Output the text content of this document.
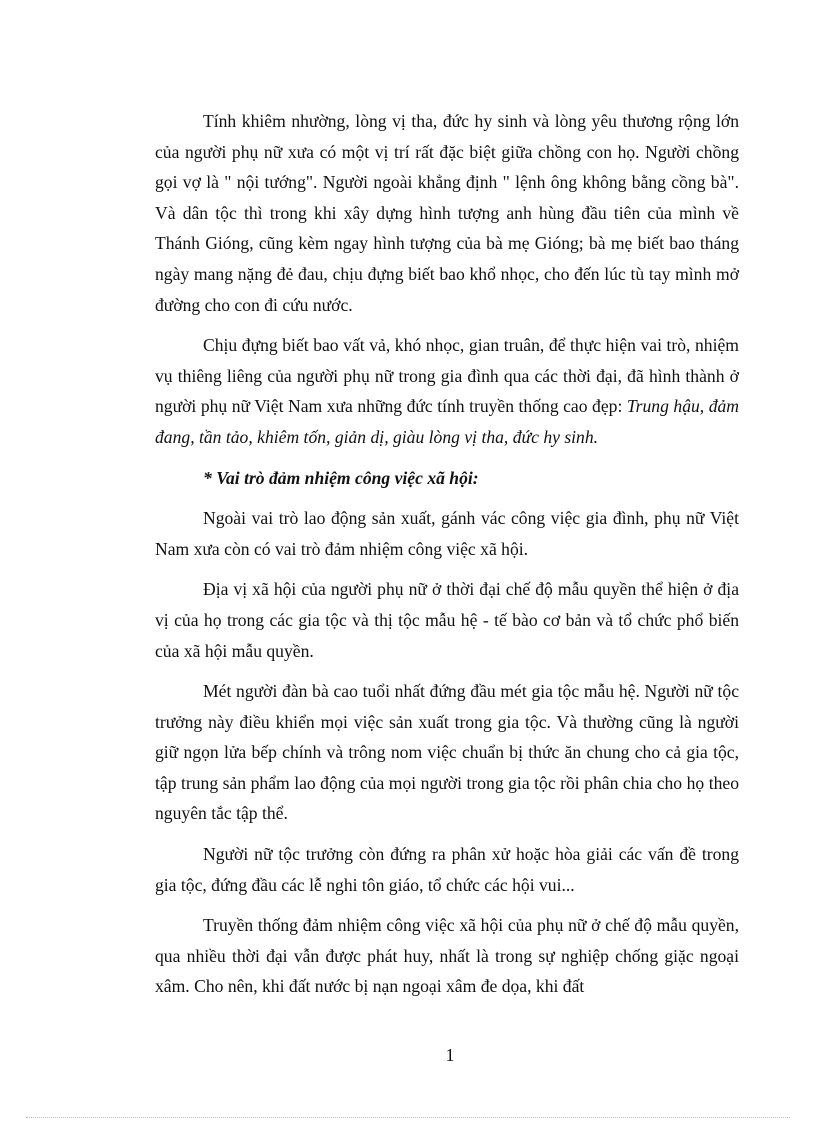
Tính khiêm nhường, lòng vị tha, đức hy sinh và lòng yêu thương rộng lớn của người phụ nữ xưa có một vị trí rất đặc biệt giữa chồng con họ. Người chồng gọi vợ là " nội tướng". Người ngoài khẳng định " lệnh ông không bằng cồng bà". Và dân tộc thì trong khi xây dựng hình tượng anh hùng đầu tiên của mình về Thánh Gióng, cũng kèm ngay hình tượng của bà mẹ Gióng; bà mẹ biết bao tháng ngày mang nặng đẻ đau, chịu đựng biết bao khổ nhọc, cho đến lúc tù tay mình mở đường cho con đi cứu nước.

Chịu đựng biết bao vất vả, khó nhọc, gian truân, để thực hiện vai trò, nhiệm vụ thiêng liêng của người phụ nữ trong gia đình qua các thời đại, đã hình thành ở người phụ nữ Việt Nam xưa những đức tính truyền thống cao đẹp: Trung hậu, đảm đang, tần tảo, khiêm tốn, giản dị, giàu lòng vị tha, đức hy sinh.

* Vai trò đảm nhiệm công việc xã hội:

Ngoài vai trò lao động sản xuất, gánh vác công việc gia đình, phụ nữ Việt Nam xưa còn có vai trò đảm nhiệm công việc xã hội.

Địa vị xã hội của người phụ nữ ở thời đại chế độ mẫu quyền thể hiện ở địa vị của họ trong các gia tộc và thị tộc mẫu hệ - tế bào cơ bản và tổ chức phổ biến của xã hội mẫu quyền.

Mét người đàn bà cao tuổi nhất đứng đầu mét gia tộc mẫu hệ. Người nữ tộc trưởng này điều khiển mọi việc sản xuất trong gia tộc. Và thường cũng là người giữ ngọn lửa bếp chính và trông nom việc chuẩn bị thức ăn chung cho cả gia tộc, tập trung sản phẩm lao động của mọi người trong gia tộc rồi phân chia cho họ theo nguyên tắc tập thể.

Người nữ tộc trưởng còn đứng ra phân xử hoặc hòa giải các vấn đề trong gia tộc, đứng đầu các lễ nghi tôn giáo, tổ chức các hội vui...

Truyền thống đảm nhiệm công việc xã hội của phụ nữ ở chế độ mẫu quyền, qua nhiều thời đại vẫn được phát huy, nhất là trong sự nghiệp chống giặc ngoại xâm. Cho nên, khi đất nước bị nạn ngoại xâm đe dọa, khi đất

1
